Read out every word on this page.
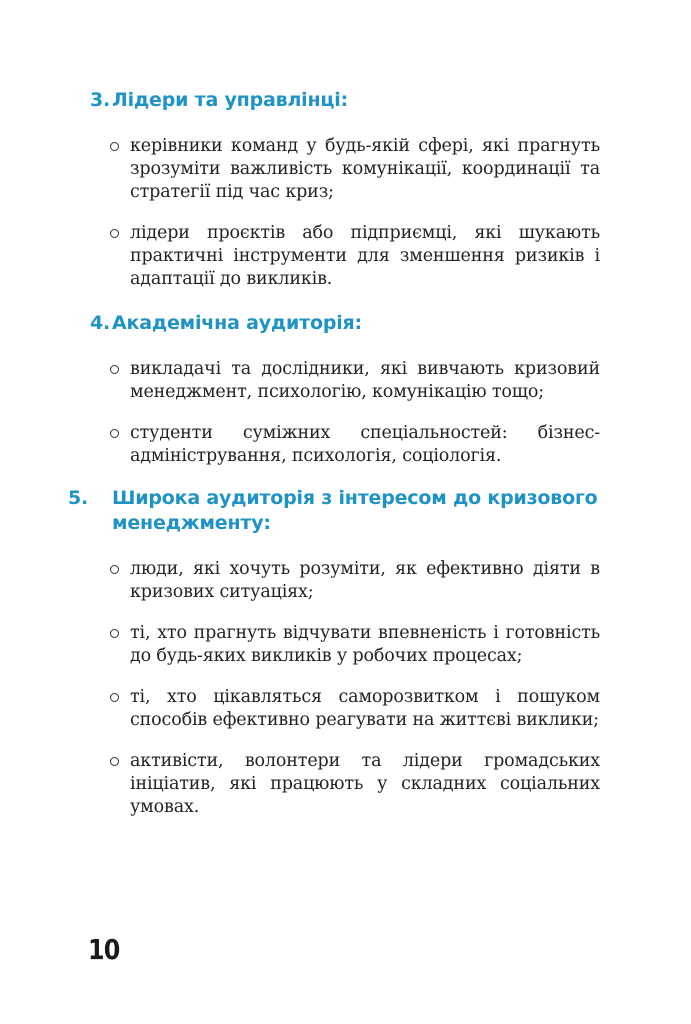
3. Лідери та управлінці:
керівники команд у будь-якій сфері, які прагнуть зрозуміти важливість комунікації, координації та стратегії під час криз;
лідери проєктів або підприємці, які шукають практичні інструменти для зменшення ризиків і адаптації до викликів.
4. Академічна аудиторія:
викладачі та дослідники, які вивчають кризовий менеджмент, психологію, комунікацію тощо;
студенти суміжних спеціальностей: бізнес-адміністрування, психологія, соціологія.
5. Широка аудиторія з інтересом до кризового менеджменту:
люди, які хочуть розуміти, як ефективно діяти в кризових ситуаціях;
ті, хто прагнуть відчувати впевненість і готовність до будь-яких викликів у робочих процесах;
ті, хто цікавляться саморозвитком і пошуком способів ефективно реагувати на життєві виклики;
активісти, волонтери та лідери громадських ініціатив, які працюють у складних соціальних умовах.
10
